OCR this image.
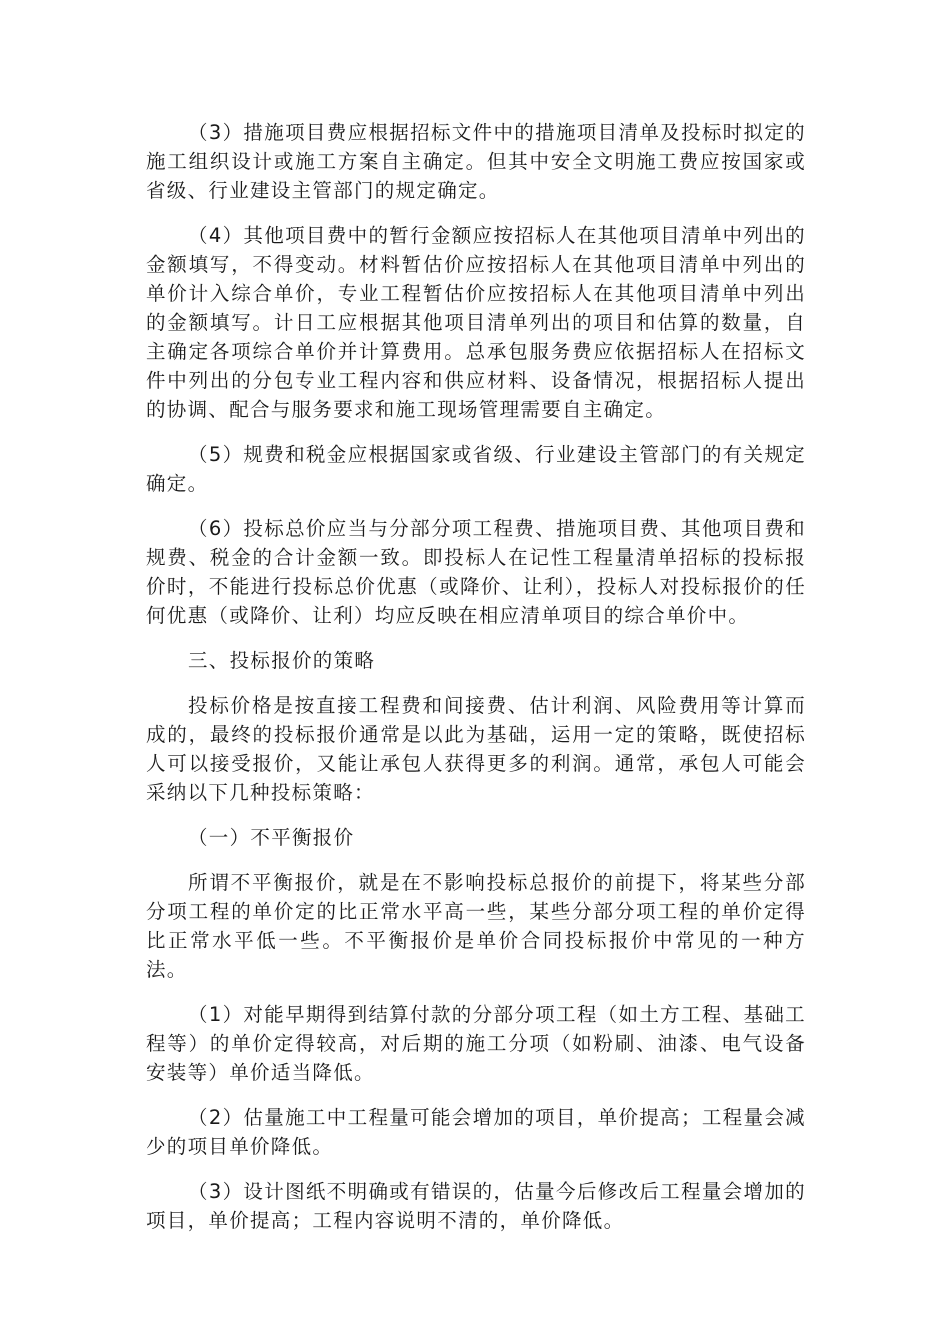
（3）措施项目费应根据招标文件中的措施项目清单及投标时拟定的施工组织设计或施工方案自主确定。但其中安全文明施工费应按国家或省级、行业建设主管部门的规定确定。

（4）其他项目费中的暂行金额应按招标人在其他项目清单中列出的金额填写，不得变动。材料暂估价应按招标人在其他项目清单中列出的单价计入综合单价，专业工程暂估价应按招标人在其他项目清单中列出的金额填写。计日工应根据其他项目清单列出的项目和估算的数量，自主确定各项综合单价并计算费用。总承包服务费应依据招标人在招标文件中列出的分包专业工程内容和供应材料、设备情况，根据招标人提出的协调、配合与服务要求和施工现场管理需要自主确定。

（5）规费和税金应根据国家或省级、行业建设主管部门的有关规定确定。

（6）投标总价应当与分部分项工程费、措施项目费、其他项目费和规费、税金的合计金额一致。即投标人在记性工程量清单招标的投标报价时，不能进行投标总价优惠（或降价、让利），投标人对投标报价的任何优惠（或降价、让利）均应反映在相应清单项目的综合单价中。

三、投标报价的策略

投标价格是按直接工程费和间接费、估计利润、风险费用等计算而成的，最终的投标报价通常是以此为基础，运用一定的策略，既使招标人可以接受报价，又能让承包人获得更多的利润。通常，承包人可能会采纳以下几种投标策略：

（一）不平衡报价

所谓不平衡报价，就是在不影响投标总报价的前提下，将某些分部分项工程的单价定的比正常水平高一些，某些分部分项工程的单价定得比正常水平低一些。不平衡报价是单价合同投标报价中常见的一种方法。

（1）对能早期得到结算付款的分部分项工程（如土方工程、基础工程等）的单价定得较高，对后期的施工分项（如粉刷、油漆、电气设备安装等）单价适当降低。

（2）估量施工中工程量可能会增加的项目，单价提高；工程量会减少的项目单价降低。

（3）设计图纸不明确或有错误的，估量今后修改后工程量会增加的项目，单价提高；工程内容说明不清的，单价降低。
